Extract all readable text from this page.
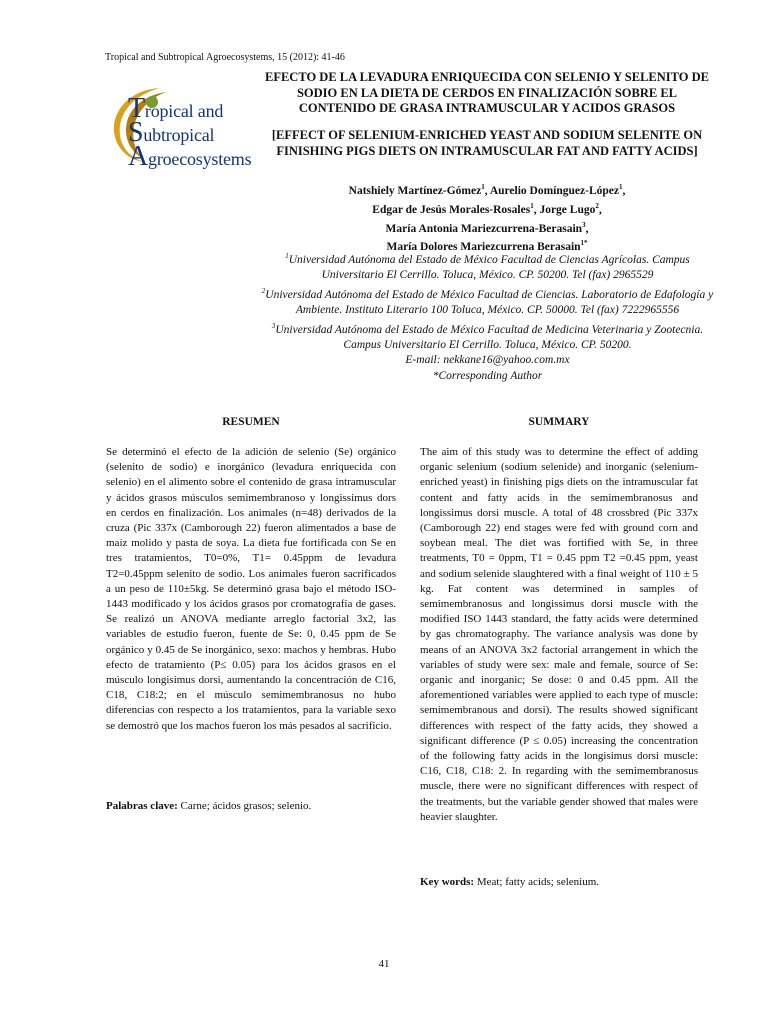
Tropical and Subtropical Agroecosystems, 15 (2012): 41-46
Tropical and
Subtropical
Agroecosystems
EFECTO DE LA LEVADURA ENRIQUECIDA CON SELENIO Y SELENITO DE SODIO EN LA DIETA DE CERDOS EN FINALIZACIÓN SOBRE EL CONTENIDO DE GRASA INTRAMUSCULAR Y ACIDOS GRASOS
[EFFECT OF SELENIUM-ENRICHED YEAST AND SODIUM SELENITE ON FINISHING PIGS DIETS ON INTRAMUSCULAR FAT AND FATTY ACIDS]
Natshiely Martínez-Gómez$^1$, Aurelio Domínguez-López$^1$,
Edgar de Jesús Morales-Rosales$^1$, Jorge Lugo$^2$,
María Antonia Mariezcurrena-Berasain$^3$,
María Dolores Mariezcurrena Berasain$^{1*}$
$^1$Universidad Autónoma del Estado de México Facultad de Ciencias Agrícolas. Campus Universitario El Cerrillo. Toluca, México. CP. 50200. Tel (fax) 2965529
$^2$Universidad Autónoma del Estado de México Facultad de Ciencias. Laboratorio de Edafología y Ambiente. Instituto Literario 100 Toluca, México. CP. 50000. Tel (fax) 7222965556
$^3$Universidad Autónoma del Estado de México Facultad de Medicina Veterinaria y Zootecnia. Campus Universitario El Cerrillo. Toluca, México. CP. 50200.
E-mail: nekkane16@yahoo.com.mx
*Corresponding Author
RESUMEN	SUMMARY
Se determinó el efecto de la adición de selenio (Se) orgánico (selenito de sodio) e inorgánico (levadura enriquecida con selenio) en el alimento sobre el contenido de grasa intramuscular y ácidos grasos músculos semimembranoso y longissimus dors en cerdos en finalización. Los animales (n=48) derivados de la cruza (Pic 337x (Camborough 22) fueron alimentados a base de maíz molido y pasta de soya. La dieta fue fortificada con Se en tres tratamientos, T0=0%, T1= 0.45ppm de levadura T2=0.45ppm selenito de sodio. Los animales fueron sacrificados a un peso de 110±5kg. Se determinó grasa bajo el método ISO-1443 modificado y los ácidos grasos por cromatografía de gases. Se realizó un ANOVA mediante arreglo factorial 3x2, las variables de estudio fueron, fuente de Se: 0, 0.45 ppm de Se orgánico y 0.45 de Se inorgánico, sexo: machos y hembras. Hubo efecto de tratamiento (P≤ 0.05) para los ácidos grasos en el músculo longisimus dorsi, aumentando la concentración de C16, C18, C18:2; en el músculo semimembranosus no hubo diferencias con respecto a los tratamientos, para la variable sexo se demostró que los machos fueron los más pesados al sacrificio.
The aim of this study was to determine the effect of adding organic selenium (sodium selenide) and inorganic (selenium-enriched yeast) in finishing pigs diets on the intramuscular fat content and fatty acids in the semimembranosus and longissimus dorsi muscle. A total of 48 crossbred (Pic 337x (Camborough 22) end stages were fed with ground corn and soybean meal. The diet was fortified with Se, in three treatments, T0 = 0ppm, T1 = 0.45 ppm T2 =0.45 ppm, yeast and sodium selenide slaughtered with a final weight of 110 ± 5 kg. Fat content was determined in samples of semimembranosus and longissimus dorsi muscle with the modified ISO 1443 standard, the fatty acids were determined by gas chromatography. The variance analysis was done by means of an ANOVA 3x2 factorial arrangement in which the variables of study were sex: male and female, source of Se: organic and inorganic; Se dose: 0 and 0.45 ppm. All the aforementioned variables were applied to each type of muscle: semimembranous and dorsi). The results showed significant differences with respect of the fatty acids, they showed a significant difference (P ≤ 0.05) increasing the concentration of the following fatty acids in the longisimus dorsi muscle: C16, C18, C18: 2. In regarding with the semimembranosus muscle, there were no significant differences with respect of the treatments, but the variable gender showed that males were heavier slaughter.
Palabras clave: Carne; ácidos grasos; selenio.
Key words: Meat; fatty acids; selenium.
41
